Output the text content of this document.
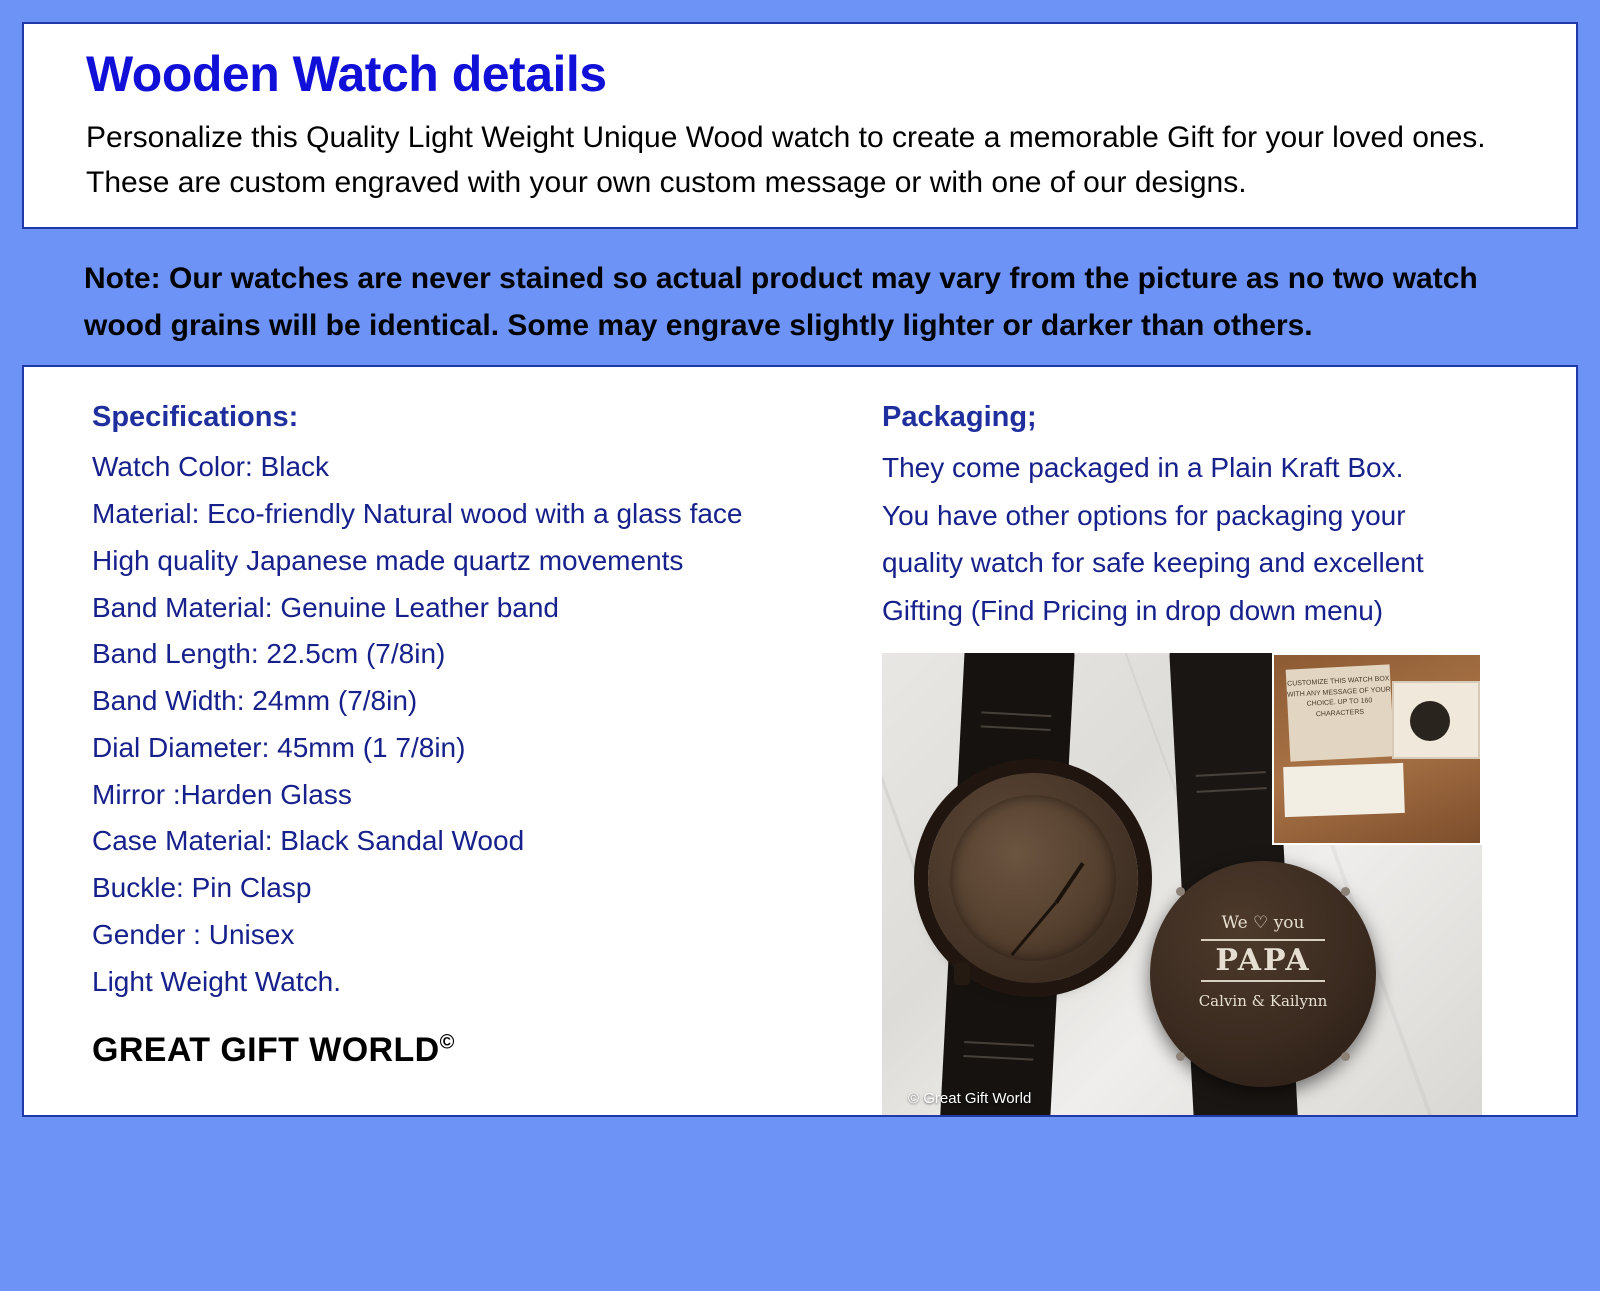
Wooden Watch details

Personalize this Quality Light Weight Unique Wood watch to create a memorable Gift for your loved ones.

These are custom engraved with your own custom message or with one of our designs.

Note: Our watches are never stained so actual product may vary from the picture as no two watch wood grains will be identical. Some may engrave slightly lighter or darker than others.

Specifications:

Watch Color: Black

Material: Eco-friendly Natural wood with a glass face

High quality Japanese made quartz movements

Band Material: Genuine Leather band

Band Length: 22.5cm (7/8in)

Band Width: 24mm (7/8in)

Dial Diameter: 45mm (1 7/8in)

Mirror :Harden Glass

Case Material: Black Sandal Wood

Buckle: Pin Clasp

Gender : Unisex

Light Weight Watch.

GREAT GIFT WORLD©
Packaging;

They come packaged in a Plain Kraft Box.

You have other options for packaging your

quality watch for safe keeping and excellent

Gifting (Find Pricing in drop down menu)

We ♡ you
PAPA
Calvin & Kailynn
CUSTOMIZE THIS WATCH BOX WITH ANY MESSAGE OF YOUR CHOICE. UP TO 160 CHARACTERS
© Great Gift World
